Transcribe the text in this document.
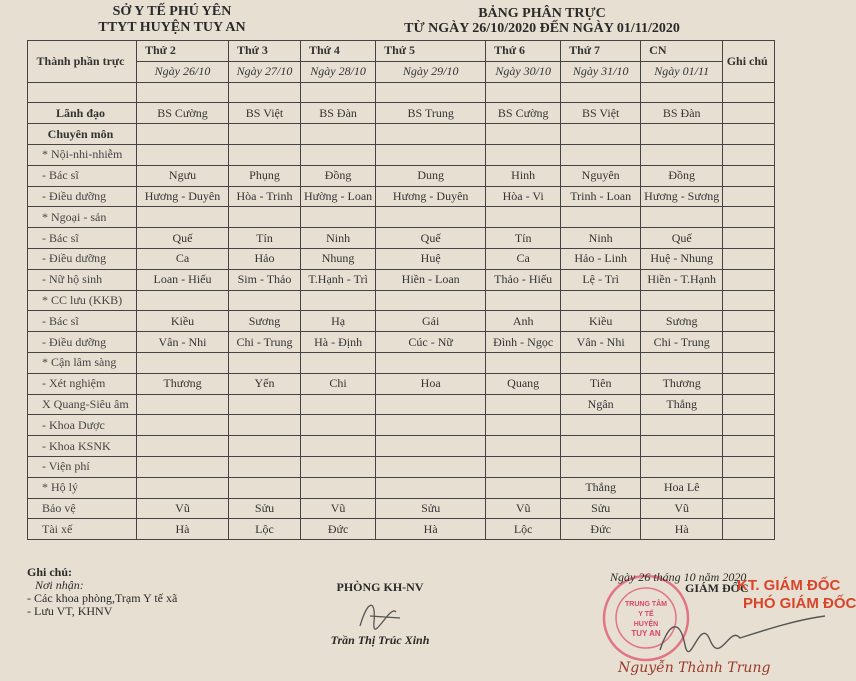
SỞ Y TẾ PHÚ YÊN
TTYT HUYỆN TUY AN
BẢNG PHÂN TRỰC
TỪ NGÀY 26/10/2020 ĐẾN NGÀY 01/11/2020
Thành phần trực	Thứ 2	Thứ 3	Thứ 4	Thứ 5	Thứ 6	Thứ 7	CN	Ghi chú
	Ngày 26/10	Ngày 27/10	Ngày 28/10	Ngày 29/10	Ngày 30/10	Ngày 31/10	Ngày 01/11	

Lãnh đạo	BS Cường	BS Việt	BS Đàn	BS Trung	BS Cường	BS Việt	BS Đàn	
Chuyên môn								
* Nội-nhi-nhiễm								
- Bác sĩ	Ngưu	Phụng	Đồng	Dung	Hinh	Nguyên	Đồng	
- Điều dưỡng	Hương - Duyên	Hòa - Trinh	Hường - Loan	Hương - Duyên	Hòa - Vi	Trinh - Loan	Hương - Sương	
* Ngoại - sản								
- Bác sĩ	Quế	Tín	Ninh	Quế	Tín	Ninh	Quế	
- Điều dưỡng	Ca	Hảo	Nhung	Huệ	Ca	Hảo - Linh	Huệ - Nhung	
- Nữ hộ sinh	Loan - Hiếu	Sim - Thảo	T.Hạnh - Trì	Hiền - Loan	Thảo - Hiếu	Lệ - Trì	Hiền - T.Hạnh	
* CC lưu (KKB)								
- Bác sĩ	Kiều	Sương	Hạ	Gái	Anh	Kiều	Sương	
- Điều dưỡng	Vân - Nhi	Chi - Trung	Hà - Định	Cúc - Nữ	Đình - Ngọc	Vân - Nhi	Chi - Trung	
* Cận lâm sàng								
- Xét nghiệm	Thương	Yến	Chi	Hoa	Quang	Tiên	Thương	
X Quang-Siêu âm						Ngân	Thắng	
- Khoa Dược								
- Khoa KSNK								
- Viện phí								
* Hộ lý						Thắng	Hoa Lê	
Bảo vệ	Vũ	Sửu	Vũ	Sửu	Vũ	Sửu	Vũ	
Tài xế	Hà	Lộc	Đức	Hà	Lộc	Đức	Hà	
Ghi chú:
Nơi nhận:
- Các khoa phòng,Trạm Y tế xã
- Lưu VT, KHNV
PHÒNG KH-NV
Trần Thị Trúc Xinh
TRUNG TÂM
Y TẾ
HUYỆN
TUY AN
Ngày 26 tháng 10 năm 2020
GIÁM ĐỐC
KT. GIÁM ĐỐC
PHÓ GIÁM ĐỐC
Nguyễn Thành Trung
